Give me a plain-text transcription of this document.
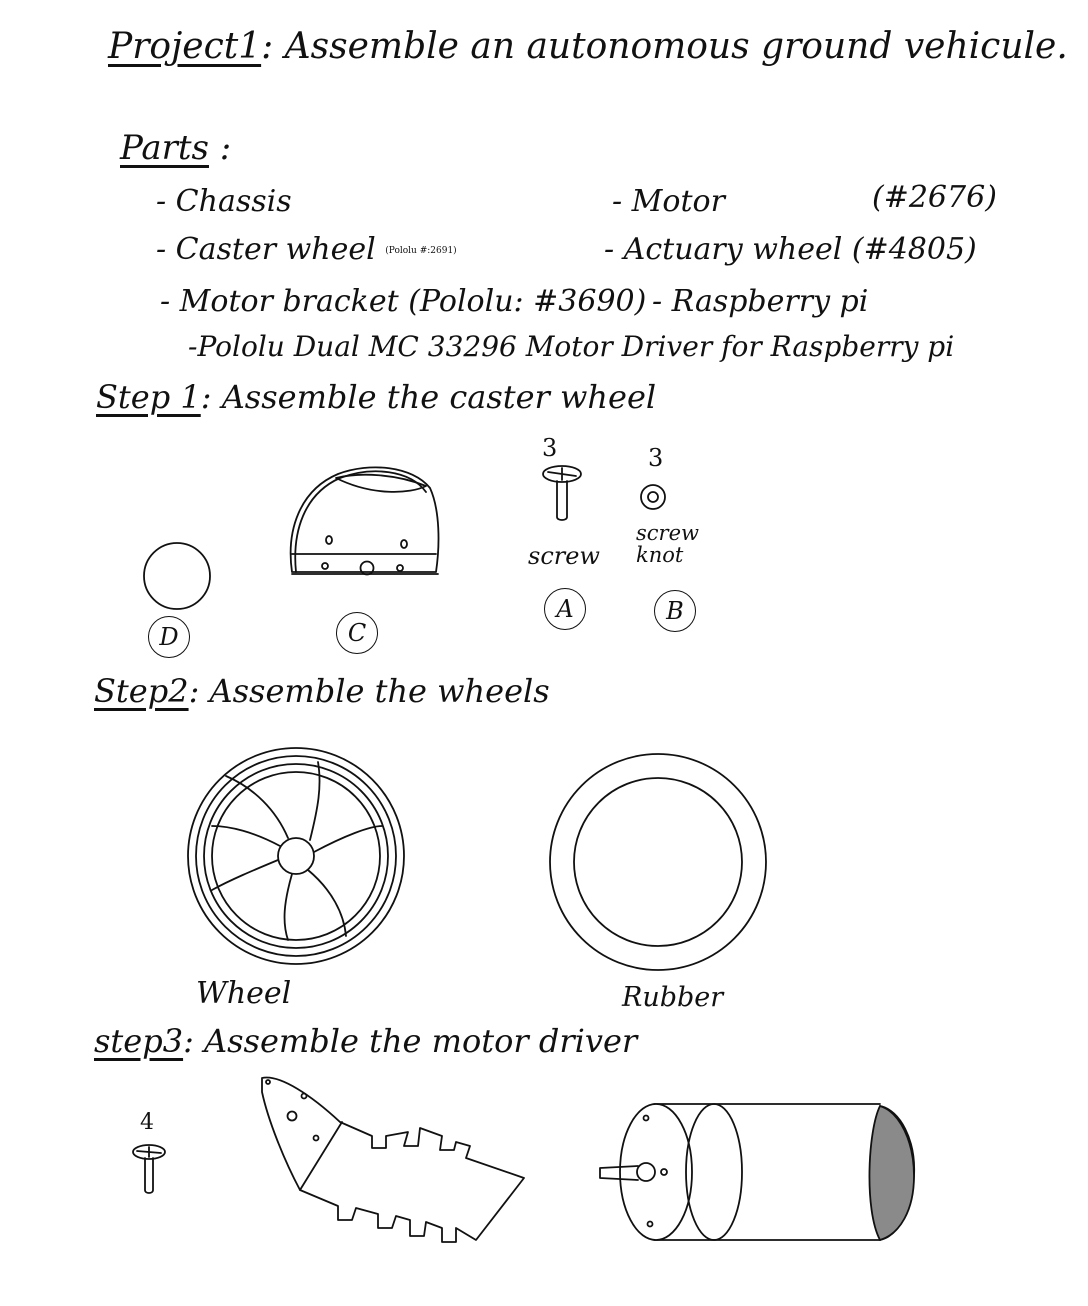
Project1: Assemble an autonomous ground vehicule.
Parts :
- Chassis
- Caster wheel (Pololu #:2691)
- Motor bracket (Pololu: #3690)
- Motor	(#2676)
- Actuary wheel (#4805)
- Raspberry pi
-Pololu Dual MC 33296 Motor Driver for Raspberry pi
Step 1: Assemble the caster wheel
3	3
screw
screw knot
A	B
D	C
Step2: Assemble the wheels
Wheel	Rubber
step3: Assemble the motor driver
4
